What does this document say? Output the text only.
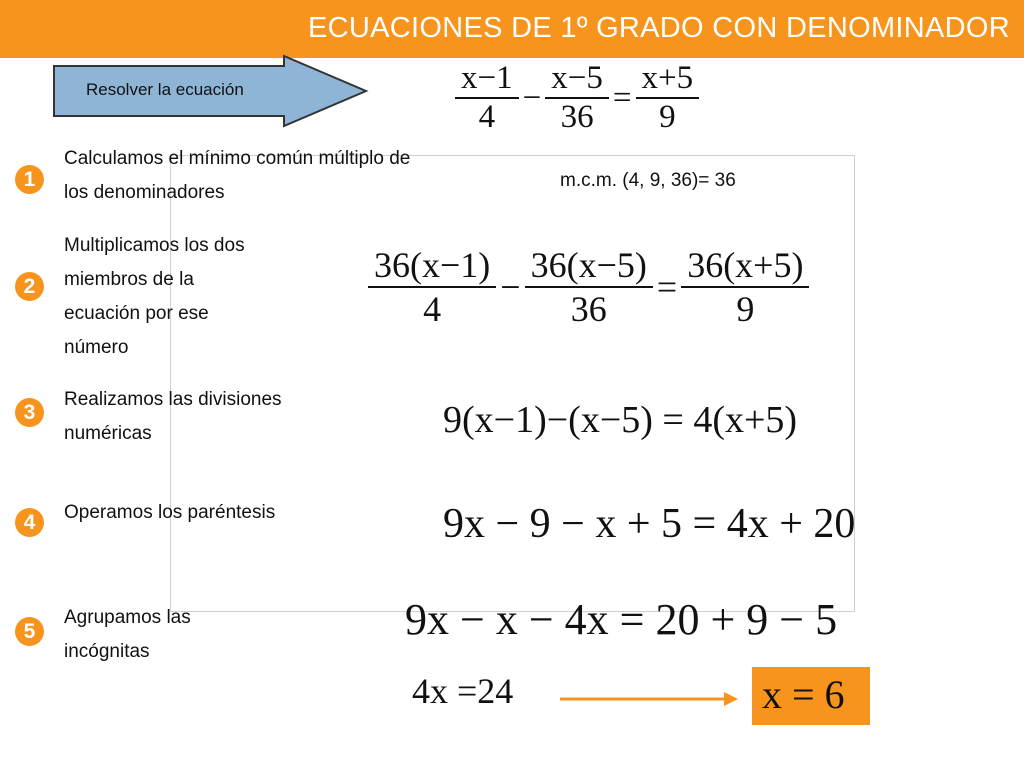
ECUACIONES DE 1º GRADO CON DENOMINADOR
Resolver la ecuación	$\frac{x-1}{4} - \frac{x-5}{36} = \frac{x+5}{9}$
1
Calculamos el mínimo común múltiplo de
los denominadores
m.c.m. (4, 9, 36)= 36
2
Multiplicamos los dos
miembros de la
ecuación por ese
número
$\frac{36(x-1)}{4} - \frac{36(x-5)}{36} = \frac{36(x+5)}{9}$
3
Realizamos las divisiones
numéricas	9(x−1)−(x−5) = 4(x+5)
4	Operamos los paréntesis	9x − 9 − x + 5 = 4x + 20
5
Agrupamos las
incógnitas
9x − x − 4x = 20 + 9 − 5
4x =24	x = 6
